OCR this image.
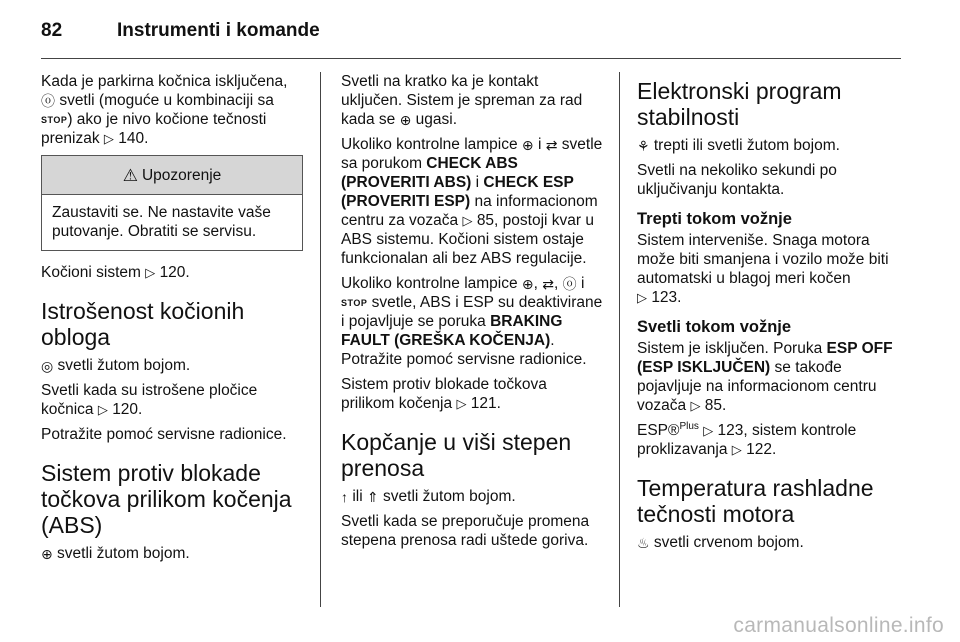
82	Instrumenti i komande

Kada je parkirna kočnica isključena,
ⓞ svetli (moguće u kombinaciji sa
STOP) ako je nivo kočione tečnosti
prenizak ▷ 140.

⚠ Upozorenje
Zaustaviti se. Ne nastavite vaše putovanje. Obratiti se servisu.

Kočioni sistem ▷ 120.

Istrošenost kočionih obloga

◎ svetli žutom bojom.

Svetli kada su istrošene pločice kočnica ▷ 120.

Potražite pomoć servisne radionice.

Sistem protiv blokade točkova prilikom kočenja (ABS)

⊕ svetli žutom bojom.

Svetli na kratko ka je kontakt uključen. Sistem je spreman za rad kada se ⊕ ugasi.

Ukoliko kontrolne lampice ⊕ i ⇄ svetle sa porukom CHECK ABS (PROVERITI ABS) i CHECK ESP (PROVERITI ESP) na informacionom centru za vozača ▷ 85, postoji kvar u ABS sistemu. Kočioni sistem ostaje funkcionalan ali bez ABS regulacije.

Ukoliko kontrolne lampice ⊕, ⇄, ⓞ i STOP svetle, ABS i ESP su deaktivirane i pojavljuje se poruka BRAKING FAULT (GREŠKA KOČENJA). Potražite pomoć servisne radionice.

Sistem protiv blokade točkova prilikom kočenja ▷ 121.

Kopčanje u viši stepen prenosa

↑ ili ⇑ svetli žutom bojom.

Svetli kada se preporučuje promena stepena prenosa radi uštede goriva.

Elektronski program stabilnosti

⚘ trepti ili svetli žutom bojom.

Svetli na nekoliko sekundi po uključivanju kontakta.

Trepti tokom vožnje

Sistem interveniše. Snaga motora može biti smanjena i vozilo može biti automatski u blagoj meri kočen
▷ 123.

Svetli tokom vožnje

Sistem je isključen. Poruka ESP OFF (ESP ISKLJUČEN) se takođe pojavljuje na informacionom centru vozača ▷ 85.

ESP®$^{Plus}$ ▷ 123, sistem kontrole proklizavanja ▷ 122.

Temperatura rashladne tečnosti motora

♨ svetli crvenom bojom.

carmanualsonline.info
